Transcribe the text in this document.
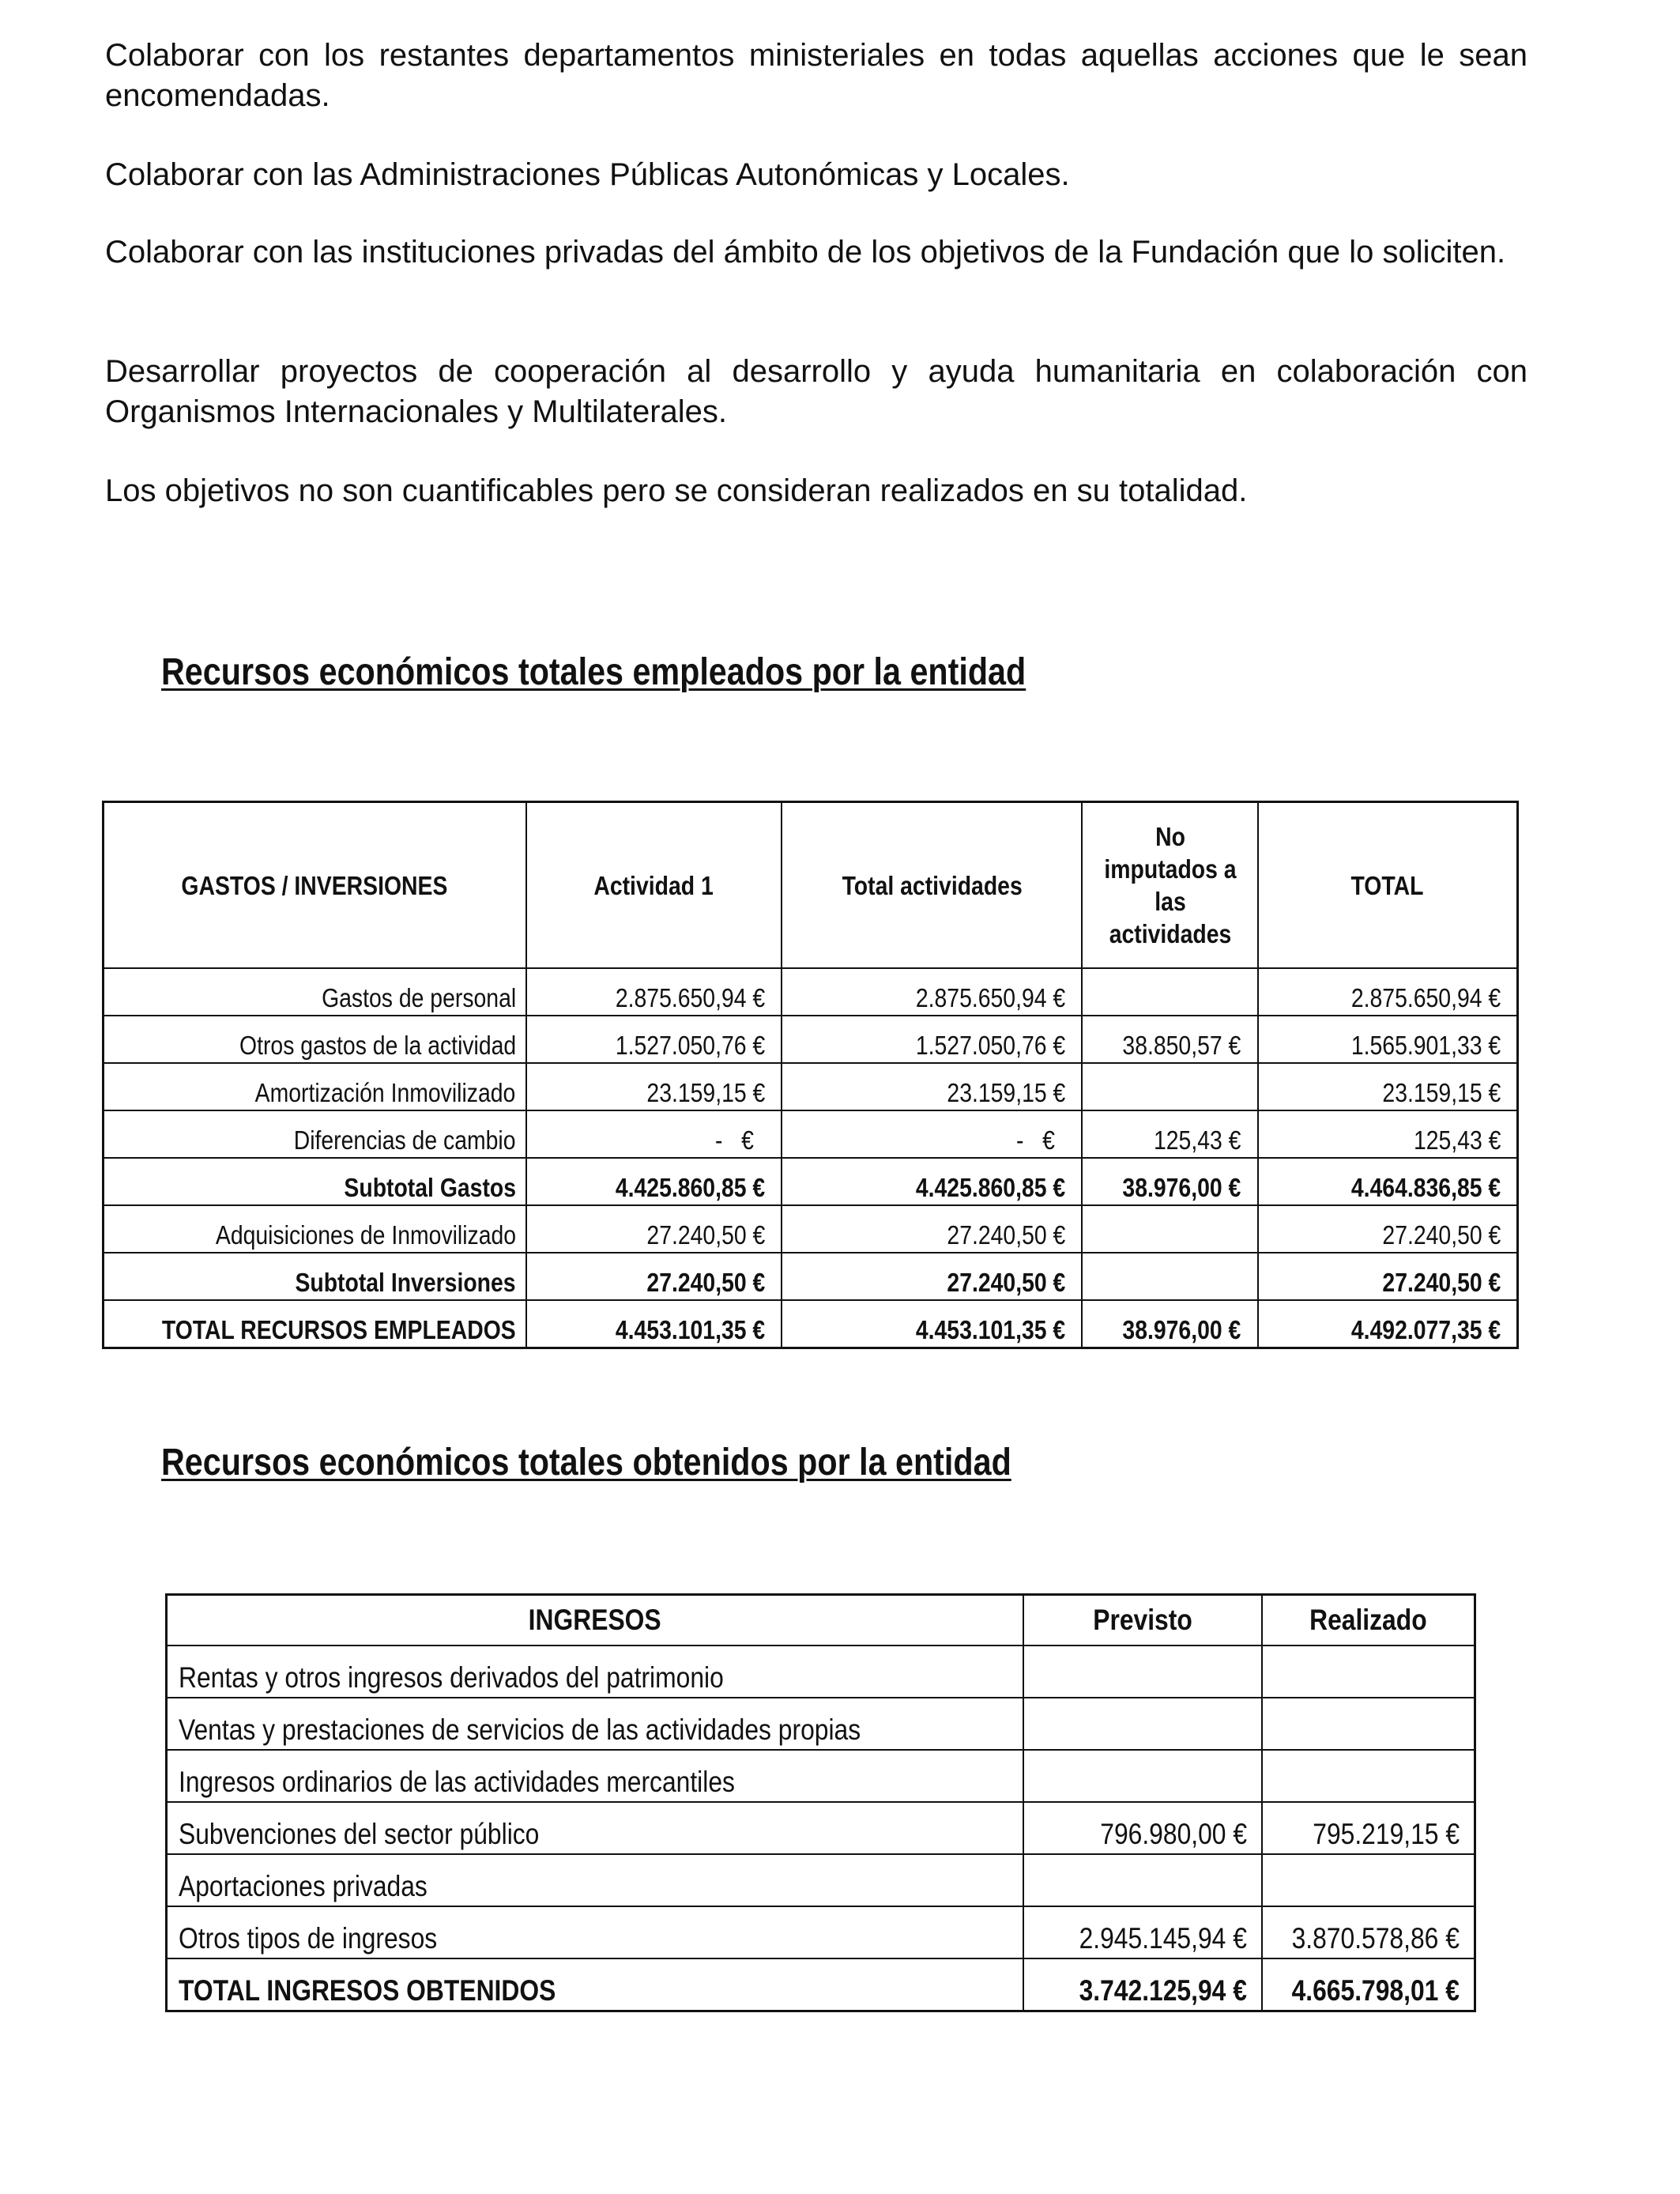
Colaborar con los restantes departamentos ministeriales en todas aquellas acciones que le sean encomendadas.

Colaborar con las Administraciones Públicas Autonómicas y Locales.

Colaborar con las instituciones privadas del ámbito de los objetivos de la Fundación que lo soliciten.

Desarrollar proyectos de cooperación al desarrollo y ayuda humanitaria en colaboración con Organismos Internacionales y Multilaterales.

Los objetivos no son cuantificables pero se consideran realizados en su totalidad.

Recursos económicos totales empleados por la entidad
GASTOS / INVERSIONES	Actividad 1	Total actividades	No imputados a las actividades	TOTAL
Gastos de personal	2.875.650,94 €	2.875.650,94 €		2.875.650,94 €
Otros gastos de la actividad	1.527.050,76 €	1.527.050,76 €	38.850,57 €	1.565.901,33 €
Amortización Inmovilizado	23.159,15 €	23.159,15 €		23.159,15 €
Diferencias de cambio	-   €	-   €	125,43 €	125,43 €
Subtotal Gastos	4.425.860,85 €	4.425.860,85 €	38.976,00 €	4.464.836,85 €
Adquisiciones de Inmovilizado	27.240,50 €	27.240,50 €		27.240,50 €
Subtotal Inversiones	27.240,50 €	27.240,50 €		27.240,50 €
TOTAL RECURSOS EMPLEADOS	4.453.101,35 €	4.453.101,35 €	38.976,00 €	4.492.077,35 €
Recursos económicos totales obtenidos por la entidad
INGRESOS	Previsto	Realizado
Rentas y otros ingresos derivados del patrimonio		
Ventas y prestaciones de servicios de las actividades propias		
Ingresos ordinarios de las actividades mercantiles		
Subvenciones del sector público	796.980,00 €	795.219,15 €
Aportaciones privadas		
Otros tipos de ingresos	2.945.145,94 €	3.870.578,86 €
TOTAL INGRESOS OBTENIDOS	3.742.125,94 €	4.665.798,01 €
